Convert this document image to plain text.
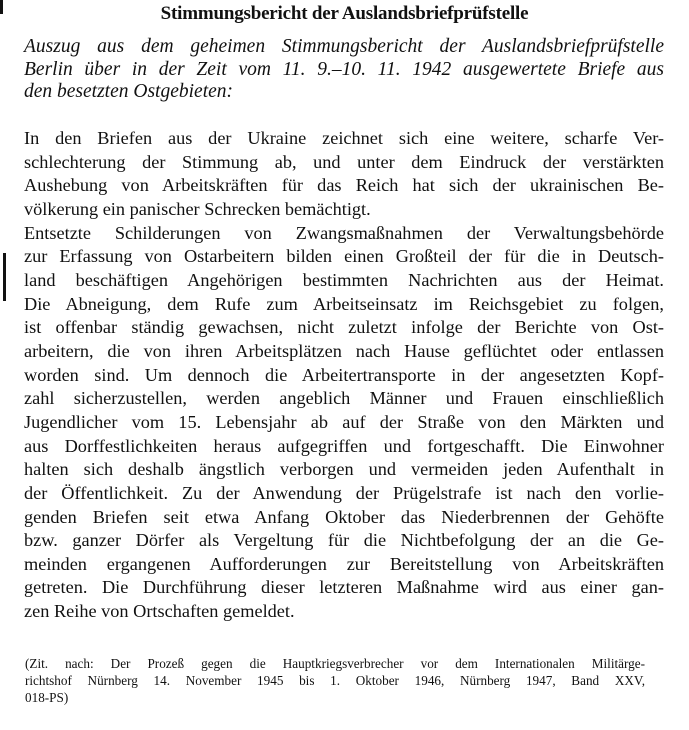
Stimmungsbericht der Auslandsbriefprüfstelle
Auszug aus dem geheimen Stimmungsbericht der Auslandsbriefprüfstelle
Berlin über in der Zeit vom 11. 9.–10. 11. 1942 ausgewertete Briefe aus
den besetzten Ostgebieten:
In den Briefen aus der Ukraine zeichnet sich eine weitere, scharfe Ver-
schlechterung der Stimmung ab, und unter dem Eindruck der verstärkten
Aushebung von Arbeitskräften für das Reich hat sich der ukrainischen Be-
völkerung ein panischer Schrecken bemächtigt.
Entsetzte Schilderungen von Zwangsmaßnahmen der Verwaltungsbehörde
zur Erfassung von Ostarbeitern bilden einen Großteil der für die in Deutsch-
land beschäftigen Angehörigen bestimmten Nachrichten aus der Heimat.
Die Abneigung, dem Rufe zum Arbeitseinsatz im Reichsgebiet zu folgen,
ist offenbar ständig gewachsen, nicht zuletzt infolge der Berichte von Ost-
arbeitern, die von ihren Arbeitsplätzen nach Hause geflüchtet oder entlassen
worden sind. Um dennoch die Arbeitertransporte in der angesetzten Kopf-
zahl sicherzustellen, werden angeblich Männer und Frauen einschließlich
Jugendlicher vom 15. Lebensjahr ab auf der Straße von den Märkten und
aus Dorffestlichkeiten heraus aufgegriffen und fortgeschafft. Die Einwohner
halten sich deshalb ängstlich verborgen und vermeiden jeden Aufenthalt in
der Öffentlichkeit. Zu der Anwendung der Prügelstrafe ist nach den vorlie-
genden Briefen seit etwa Anfang Oktober das Niederbrennen der Gehöfte
bzw. ganzer Dörfer als Vergeltung für die Nichtbefolgung der an die Ge-
meinden ergangenen Aufforderungen zur Bereitstellung von Arbeitskräften
getreten. Die Durchführung dieser letzteren Maßnahme wird aus einer gan-
zen Reihe von Ortschaften gemeldet.
(Zit. nach: Der Prozeß gegen die Hauptkriegsverbrecher vor dem Internationalen Militärge-
richtshof Nürnberg 14. November 1945 bis 1. Oktober 1946, Nürnberg 1947, Band XXV,
018-PS)
